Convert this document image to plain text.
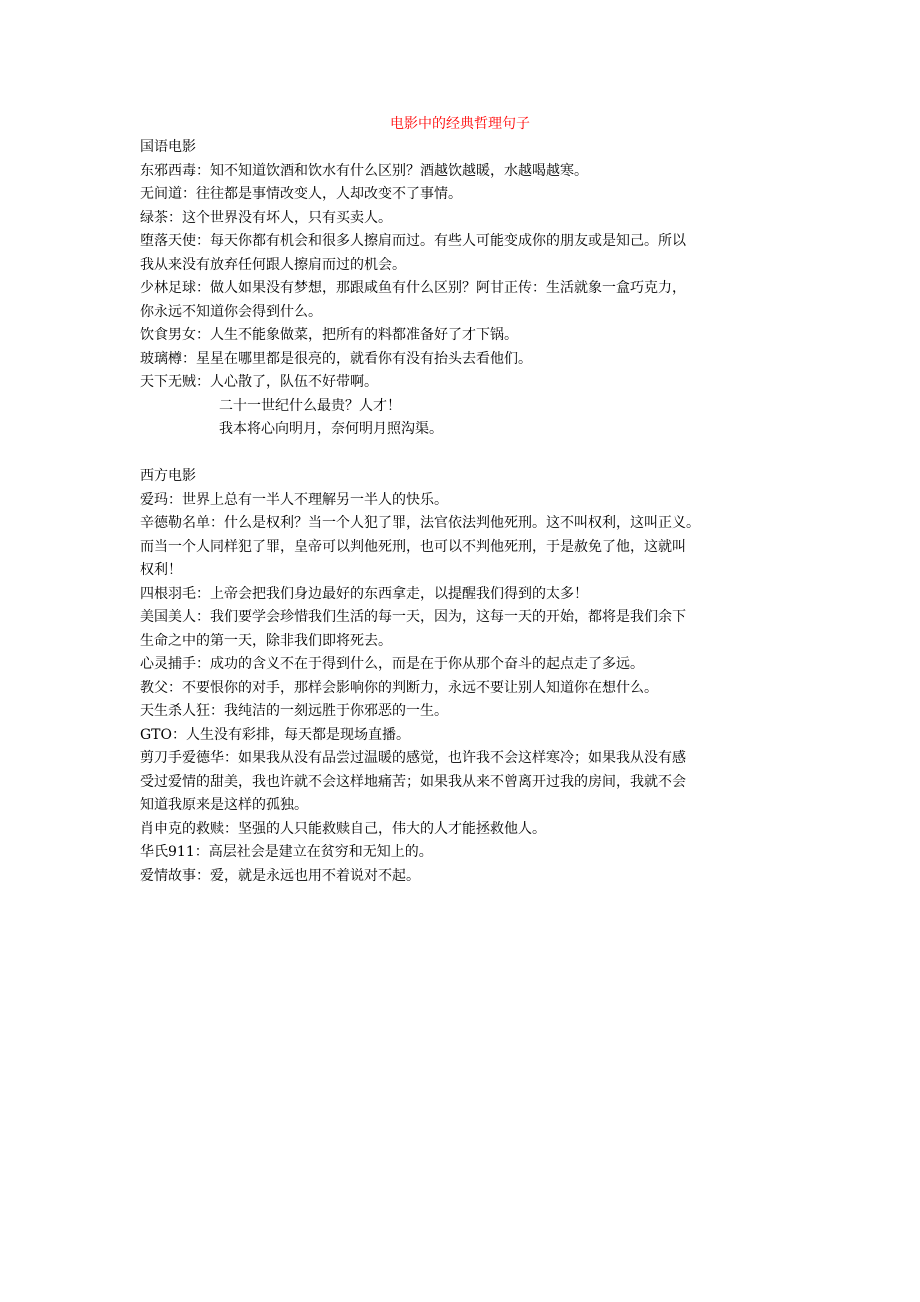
电影中的经典哲理句子
国语电影
东邪西毒：知不知道饮酒和饮水有什么区别？酒越饮越暖，水越喝越寒。
无间道：往往都是事情改变人，人却改变不了事情。
绿茶：这个世界没有坏人，只有买卖人。
堕落天使：每天你都有机会和很多人擦肩而过。有些人可能变成你的朋友或是知己。所以
我从来没有放弃任何跟人擦肩而过的机会。
少林足球：做人如果没有梦想，那跟咸鱼有什么区别？阿甘正传：生活就象一盒巧克力，
你永远不知道你会得到什么。
饮食男女：人生不能象做菜，把所有的料都准备好了才下锅。
玻璃樽：星星在哪里都是很亮的，就看你有没有抬头去看他们。
天下无贼：人心散了，队伍不好带啊。
二十一世纪什么最贵？人才！
我本将心向明月，奈何明月照沟渠。
西方电影
爱玛：世界上总有一半人不理解另一半人的快乐。
辛德勒名单：什么是权利？当一个人犯了罪，法官依法判他死刑。这不叫权利，这叫正义。
而当一个人同样犯了罪，皇帝可以判他死刑，也可以不判他死刑，于是赦免了他，这就叫
权利！
四根羽毛：上帝会把我们身边最好的东西拿走，以提醒我们得到的太多！
美国美人：我们要学会珍惜我们生活的每一天，因为，这每一天的开始，都将是我们余下
生命之中的第一天，除非我们即将死去。
心灵捕手：成功的含义不在于得到什么，而是在于你从那个奋斗的起点走了多远。
教父：不要恨你的对手，那样会影响你的判断力，永远不要让别人知道你在想什么。
天生杀人狂：我纯洁的一刻远胜于你邪恶的一生。
GTO：人生没有彩排，每天都是现场直播。
剪刀手爱德华：如果我从没有品尝过温暖的感觉，也许我不会这样寒冷；如果我从没有感
受过爱情的甜美，我也许就不会这样地痛苦；如果我从来不曾离开过我的房间，我就不会
知道我原来是这样的孤独。
肖申克的救赎：坚强的人只能救赎自己，伟大的人才能拯救他人。
华氏911：高层社会是建立在贫穷和无知上的。
爱情故事：爱，就是永远也用不着说对不起。
